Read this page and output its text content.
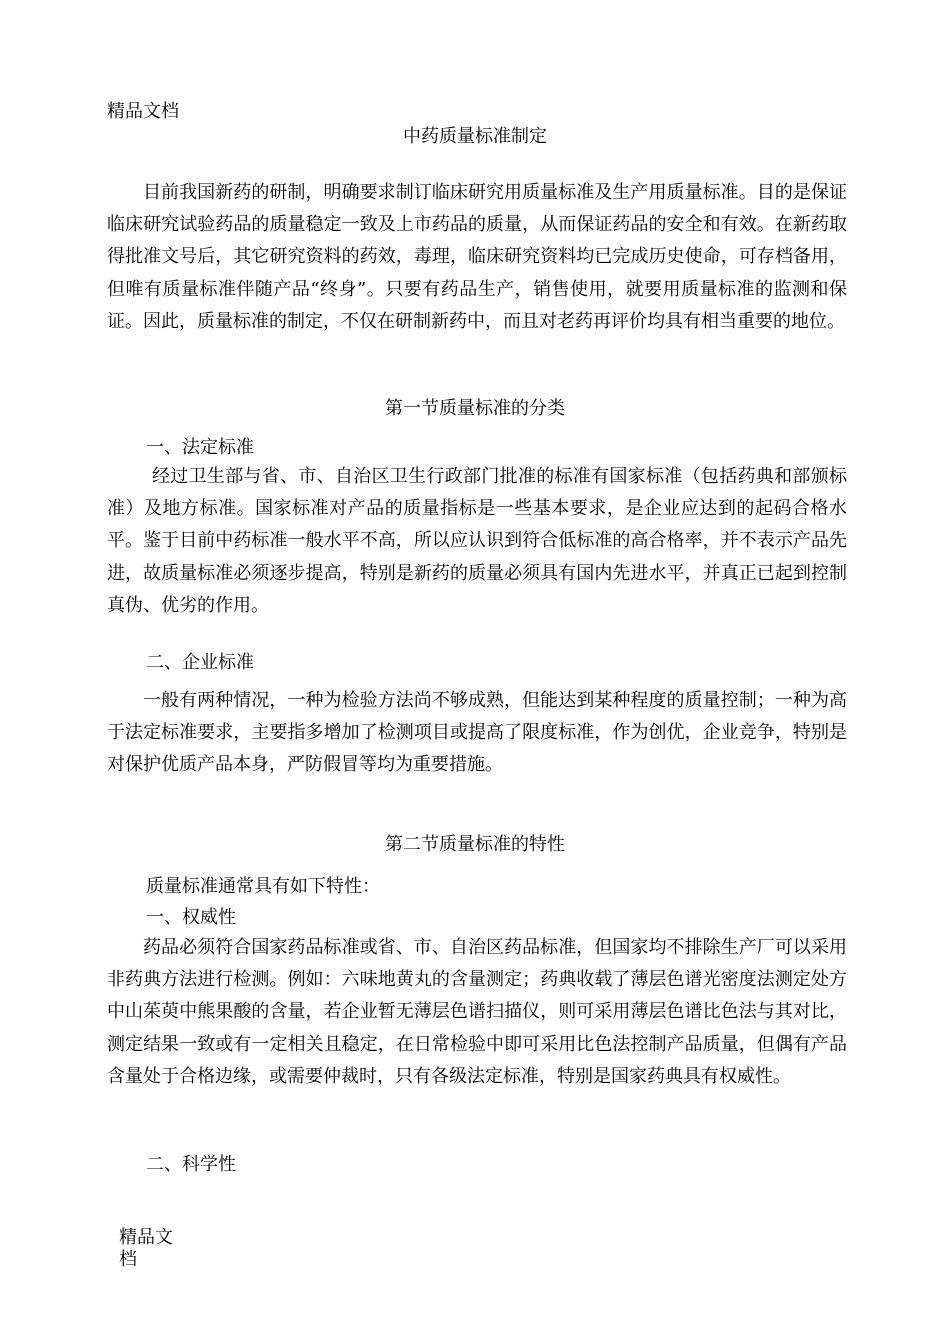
精品文档
中药质量标准制定

目前我国新药的研制，明确要求制订临床研究用质量标准及生产用质量标准。目的是保证临床研究试验药品的质量稳定一致及上市药品的质量，从而保证药品的安全和有效。在新药取得批准文号后，其它研究资料的药效，毒理，临床研究资料均已完成历史使命，可存档备用，但唯有质量标准伴随产品“终身”。只要有药品生产，销售使用，就要用质量标准的监测和保证。因此，质量标准的制定，不仅在研制新药中，而且对老药再评价均具有相当重要的地位。

第一节质量标准的分类
一、法定标准

经过卫生部与省、市、自治区卫生行政部门批准的标准有国家标准（包括药典和部颁标准）及地方标准。国家标准对产品的质量指标是一些基本要求，是企业应达到的起码合格水平。鉴于目前中药标准一般水平不高，所以应认识到符合低标准的高合格率，并不表示产品先进，故质量标准必须逐步提高，特别是新药的质量必须具有国内先进水平，并真正已起到控制真伪、优劣的作用。

二、企业标准

一般有两种情况，一种为检验方法尚不够成熟，但能达到某种程度的质量控制；一种为高于法定标准要求，主要指多增加了检测项目或提高了限度标准，作为创优，企业竞争，特别是对保护优质产品本身，严防假冒等均为重要措施。

第二节质量标准的特性
质量标准通常具有如下特性：
一、权威性

药品必须符合国家药品标准或省、市、自治区药品标准，但国家均不排除生产厂可以采用非药典方法进行检测。例如：六味地黄丸的含量测定；药典收载了薄层色谱光密度法测定处方中山茱萸中熊果酸的含量，若企业暂无薄层色谱扫描仪，则可采用薄层色谱比色法与其对比，测定结果一致或有一定相关且稳定，在日常检验中即可采用比色法控制产品质量，但偶有产品含量处于合格边缘，或需要仲裁时，只有各级法定标准，特别是国家药典具有权威性。

二、科学性
精品文档
